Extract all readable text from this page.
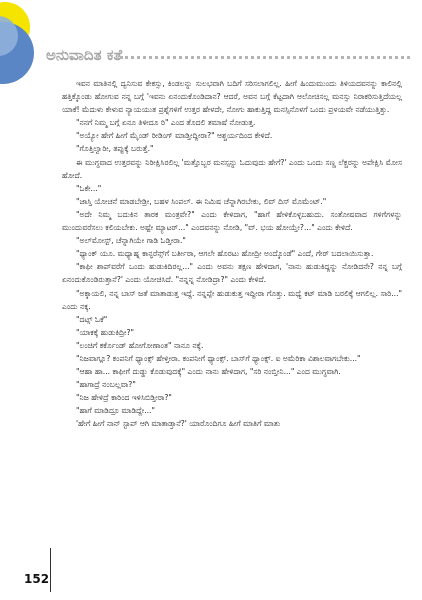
ಅನುವಾದಿತ ಕತೆ

ಇವನ ಮಾತಿನಲ್ಲಿ ದ್ವನಿಸುವ ಕೇಕಸ್ಸು, ಕಿಂಡಲನ್ನು ಸುಲಭವಾಗಿ ಬದಿಗೆ ಸರಿಸಲಾಗಲಿಲ್ಲ. ಹೀಗೆ ಹಿಂದುಮುಂದು ತಿಳಿಯದವನನ್ನು ಕಾಲಿನಲ್ಲಿ ಹತ್ತಿಕ್ಕೊಂಡು ಹೋಗುವ ನನ್ನ ಬಗ್ಗೆ 'ಇವನು ಏನಂದುಕೊಂಡಿದಾನ? ಆದರೆ, ಅವನ ಬಗ್ಗೆ ಕೆಟ್ಟದಾಗಿ ಆಲೋಚಿಸಲ್ಲ ಮನಸ್ಸು ನಿರಾಕರಿಸುತ್ತಿದೆಯಲ್ಲ ಯಾಕೆ! ಮೆದುಳು ಕೇಳುವ ನ್ಯಾಯಯುತ ಪ್ರಶ್ನೆಗಳಿಗೆ ಉತ್ತರ ಹೇಳದೇ, ನೋಗು ಹಾಕುತ್ತಿದ್ದ ಮನಸ್ಸಿನೊಳಗೆ ಒಂದು ಪ್ರಳಯವೇ ನಡೆಯುತ್ತಿತ್ತು.

"ನನಗೆ ನಿಮ್ಮ ಬಗ್ಗೆ ಏನೂ ತಿಳೀದೂ ರಿ" ಎಂದ ತೊದಲಿ ತಮಾಷೆ ನೋಡುತ್ತ.

"ಅಯ್ಯೋ ಹೇಗೆ ಹೀಗೆ ಮೈಂಡ್ ರೀಡಿಂಗ್ ಮಾಡ್ತೀದ್ದೀರಾ?" ಆಶ್ಚರ್ಯದಿಂದ ಕೇಳಿದೆ.

"ಗೊತ್ತಿಲ್ವಾರೀ, ತಪ್ಪುಕ್ಕೆ ಬರುತ್ತೆ."

ಈ ಮುಗ್ಧವಾದ ಉತ್ತರವನ್ನು ನಿರೀಕ್ಷಿಸಿರಲಿಲ್ಲ 'ಮತ್ತೊಬ್ಬರ ಮನಸ್ಸನ್ನು ಓದುವುದು ಹೇಗೆ?' ಎಂದು ಒಂದು ಸಣ್ಣ ಲೆಕ್ಚರನ್ನು ಅಪೇಕ್ಷಿಸಿ ಮೋಸ ಹೋದೆ.

"ಓಕೇ..."

"ಜಾಸ್ತಿ ಯೋಚನೆ ಮಾಡಬೇಡ್ರೀ, ಬಹಳ ಸಿಂಪಲ್. ಈ ನಿಮಿಷ ಚೆನ್ನಾಗಿರಬೇಕು, ಲಿವ್ ದಿಸ್ ಮೊಮೆಂಟ್."

"ಅದೇ ನಿಮ್ಮ ಬದುಕಿನ ತಾರಕ ಮಂತ್ರವೇ?" ಎಂದು ಕೇಳಿದಾಗ, "ಹಾಗೆ ಹೇಳಿಕೊಳ್ಳಬಹುದು. ಸಂತೋಷವಾದ ಗಳಿಗೆಗಳನ್ನು ಮುಂದುವರೆಸಲು ಕಲಿಯಬೇಕು. ಅಷ್ಟೇ ಮ್ಯಾಟರ್..." ಎಂದವನನ್ನು ನೋಡಿ, "ವ್. ಭಯ ಹೋಯ್ತೇ?..." ಎಂದು ಕೇಳಿದೆ.

"ಅಲ್‌ಮೋಸ್ಟ್, ಚೆನ್ನಾಗಿಯೇ ಗಾಡಿ ಓಡ್ತೀರಾ."

"ಥ್ಯಾಂಕ್ ಯೂ. ಮಧ್ಯಾಹ್ನ ಕಾನ್ಫರೆನ್ಸ್‌ಗೆ ಬರ್ತೀರಾ, ಆಗಲೇ ಹೊರಟು ಹೋದ್ರೀ ಅಂದ್ಕೊಂಡೆ" ಎಂದೆ, ಗೇರ್ ಬದಲಾಯಿಸುತ್ತಾ.

"ಕಾಫೀ ಶಾಪ್‌ವರೆಗೆ ಒಂದು ಹುಡುಕಿದಿರಲ್ಲ..." ಎಂದು ಅವನು ತಕ್ಷಣ ಹೇಳಿದಾಗ, 'ನಾನು ಹುಡುಕಿದ್ದನ್ನು ನೋಡಿದನೇ? ನನ್ನ ಬಗ್ಗೆ ಏನಂದುಕೊಂಡಿರುತ್ತಾನೆ?' ಎಂದು ಯೋಚಿಸಿದೆ. "ನನ್ನನ್ನ ನೋಡಿದ್ರಾ?" ಎಂದು ಕೇಳಿದೆ.

"ಅಕ್ಕಾಯಲಿ, ನನ್ನ ಬಾಸ್ ಜತೆ ಮಾತಾಡುತ್ತ ಇದ್ದೆ. ನನ್ನಪ್ಪೇ ಹುಡುಕುತ್ತ ಇದ್ದೀರಾ ಗೊತ್ತು. ಮಧ್ಯೆ ಕಟ್ ಮಾಡಿ ಬರಲಿಕ್ಕೆ ಆಗಲಿಲ್ಲ. ಸಾರಿ..." ಎಂದು ನಕ್ಕ.

"ದಟ್ಸ್ ಓಕೆ"

"ಯಾಕಕ್ಕೆ ಹುಡುಕಿದ್ರೀ?"

"ಲಂಚಿಗೆ ಕರ್ಕೊಂಡ್ ಹೋಗೋಣಾಂತ" ನಾನೂ ನಕ್ಕೆ.

"ನಿಜವಾಗ್ಲೂ? ಕಂಪನಿಗೆ ಥ್ಯಾಂಕ್ಸ್ ಹೇಳ್ತೀರಾ. ಕಂಪನೀಗೆ ಥ್ಯಾಂಕ್ಸ್. ಬಾಸ್‌ಗೆ ಥ್ಯಾಂಕ್ಸ್. ಐ ಅಮೆರಿಕಾ ವಿಶಾಲವಾಗಬೇಕು..."

"ಆಹಾ ಹಾ... ಕಾಫೀಗೆ ದುಡ್ಡು ಕೊಡುವುದಕ್ಕೆ" ಎಂದು ನಾನು ಹೇಳಿದಾಗ, "ಸರಿ ನಂಬ್ತೀನಿ..." ಎಂದ ಮುಗ್ಧವಾಗಿ.

"ಹಾಗಾದ್ರೆ ನಂಬಲ್ಲವಾ?"

"ನಿಜ ಹೇಳಿದ್ರೆ ಕಾರಿಂದ ಇಳಿಸಿಬಿಡ್ತೀರಾ?"

"ಹಾಗೆ ಮಾಡಿದ್ರೂ ಮಾಡಿದ್ದೇ..."

'ಹೇಗೆ ಹೀಗೆ ನಾನ್ ಸ್ಟಾಪ್ ಆಗಿ ಮಾತಾಡ್ತಾನೆ?' ಯಾರೊಂದಿಗೂ ಹೀಗೆ ಮಾತಿಗೆ ಮಾತು

152
